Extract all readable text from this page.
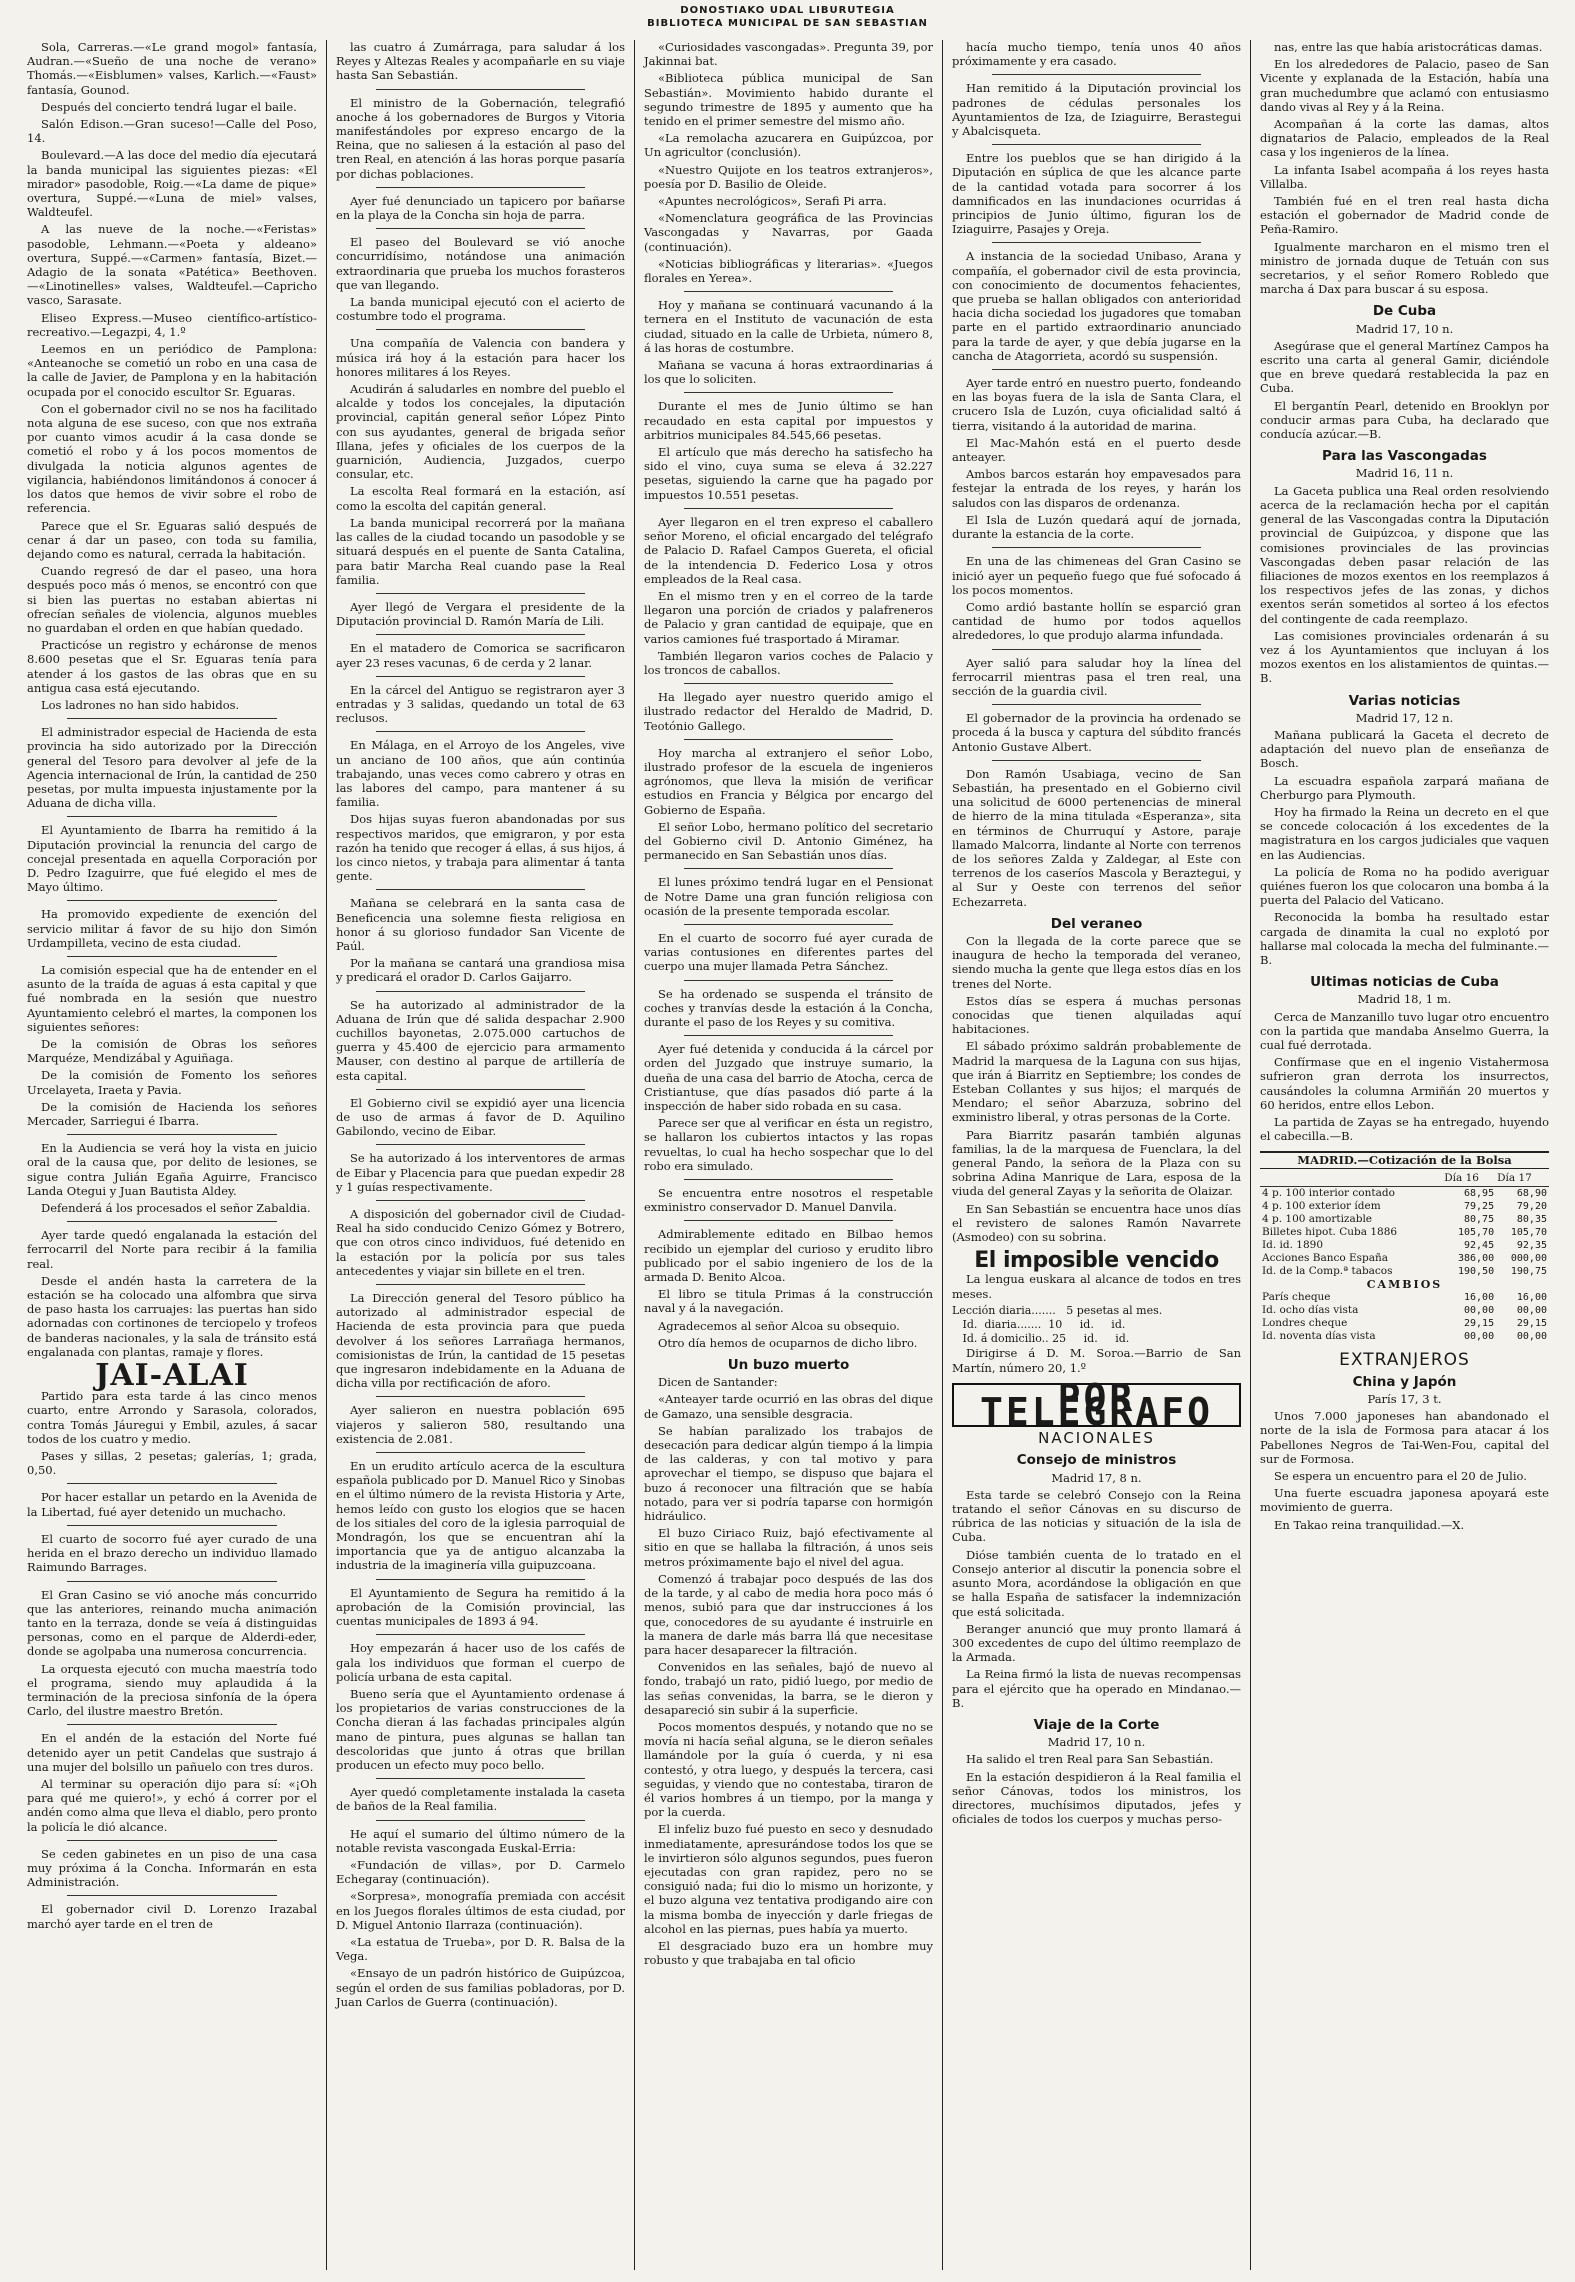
DONOSTIAKO UDAL LIBURUTEGIA
BIBLIOTECA MUNICIPAL DE SAN SEBASTIAN

Sola, Carreras.—«Le grand mogol» fantasía, Audran.—«Sueño de una noche de verano» Thomás.—«Eisblumen» valses, Karlich.—«Faust» fantasía, Gounod.

Después del concierto tendrá lugar el baile.

Salón Edison.—Gran suceso!—Calle del Poso, 14.

Boulevard.—A las doce del medio día ejecutará la banda municipal las siguientes piezas: «El mirador» pasodoble, Roig.—«La dame de pique» overtura, Suppé.—«Luna de miel» valses, Waldteufel.

A las nueve de la noche.—«Feristas» pasodoble, Lehmann.—«Poeta y aldeano» overtura, Suppé.—«Carmen» fantasía, Bizet.—Adagio de la sonata «Patética» Beethoven.—«Linotinelles» valses, Waldteufel.—Capricho vasco, Sarasate.

Eliseo Express.—Museo científico-artístico-recreativo.—Legazpi, 4, 1.º

Leemos en un periódico de Pamplona: «Anteanoche se cometió un robo en una casa de la calle de Javier, de Pamplona y en la habitación ocupada por el conocido escultor Sr. Eguaras.

Con el gobernador civil no se nos ha facilitado nota alguna de ese suceso, con que nos extraña por cuanto vimos acudir á la casa donde se cometió el robo y á los pocos momentos de divulgada la noticia algunos agentes de vigilancia, habiéndonos limitándonos á conocer á los datos que hemos de vivir sobre el robo de referencia.

Parece que el Sr. Eguaras salió después de cenar á dar un paseo, con toda su familia, dejando como es natural, cerrada la habitación.

Cuando regresó de dar el paseo, una hora después poco más ó menos, se encontró con que si bien las puertas no estaban abiertas ni ofrecían señales de violencia, algunos muebles no guardaban el orden en que habían quedado.

Practicóse un registro y echáronse de menos 8.600 pesetas que el Sr. Eguaras tenía para atender á los gastos de las obras que en su antigua casa está ejecutando.

Los ladrones no han sido habidos.

El administrador especial de Hacienda de esta provincia ha sido autorizado por la Dirección general del Tesoro para devolver al jefe de la Agencia internacional de Irún, la cantidad de 250 pesetas, por multa impuesta injustamente por la Aduana de dicha villa.

El Ayuntamiento de Ibarra ha remitido á la Diputación provincial la renuncia del cargo de concejal presentada en aquella Corporación por D. Pedro Izaguirre, que fué elegido el mes de Mayo último.

Ha promovido expediente de exención del servicio militar á favor de su hijo don Simón Urdampilleta, vecino de esta ciudad.

La comisión especial que ha de entender en el asunto de la traída de aguas á esta capital y que fué nombrada en la sesión que nuestro Ayuntamiento celebró el martes, la componen los siguientes señores:

De la comisión de Obras los señores Marquéze, Mendizábal y Aguiñaga.

De la comisión de Fomento los señores Urcelayeta, Iraeta y Pavia.

De la comisión de Hacienda los señores Mercader, Sarriegui é Ibarra.

En la Audiencia se verá hoy la vista en juicio oral de la causa que, por delito de lesiones, se sigue contra Julián Egaña Aguirre, Francisco Landa Otegui y Juan Bautista Aldey.

Defenderá á los procesados el señor Zabaldia.

Ayer tarde quedó engalanada la estación del ferrocarril del Norte para recibir á la familia real.

Desde el andén hasta la carretera de la estación se ha colocado una alfombra que sirva de paso hasta los carruajes: las puertas han sido adornadas con cortinones de terciopelo y trofeos de banderas nacionales, y la sala de tránsito está engalanada con plantas, ramaje y flores.

JAI-ALAI

Partido para esta tarde á las cinco menos cuarto, entre Arrondo y Sarasola, colorados, contra Tomás Jáuregui y Embil, azules, á sacar todos de los cuatro y medio.

Pases y sillas, 2 pesetas; galerías, 1; grada, 0,50.

Por hacer estallar un petardo en la Avenida de la Libertad, fué ayer detenido un muchacho.

El cuarto de socorro fué ayer curado de una herida en el brazo derecho un individuo llamado Raimundo Barrages.

El Gran Casino se vió anoche más concurrido que las anteriores, reinando mucha animación tanto en la terraza, donde se veía á distinguidas personas, como en el parque de Alderdi-eder, donde se agolpaba una numerosa concurrencia.

La orquesta ejecutó con mucha maestría todo el programa, siendo muy aplaudida á la terminación de la preciosa sinfonía de la ópera Carlo, del ilustre maestro Bretón.

En el andén de la estación del Norte fué detenido ayer un petit Candelas que sustrajo á una mujer del bolsillo un pañuelo con tres duros.

Al terminar su operación dijo para sí: «¡Oh para qué me quiero!», y echó á correr por el andén como alma que lleva el diablo, pero pronto la policía le dió alcance.

Se ceden gabinetes en un piso de una casa muy próxima á la Concha. Informarán en esta Administración.

El gobernador civil D. Lorenzo Irazabal marchó ayer tarde en el tren de

las cuatro á Zumárraga, para saludar á los Reyes y Altezas Reales y acompañarle en su viaje hasta San Sebastián.

El ministro de la Gobernación, telegrafió anoche á los gobernadores de Burgos y Vitoria manifestándoles por expreso encargo de la Reina, que no saliesen á la estación al paso del tren Real, en atención á las horas porque pasaría por dichas poblaciones.

Ayer fué denunciado un tapicero por bañarse en la playa de la Concha sin hoja de parra.

El paseo del Boulevard se vió anoche concurridísimo, notándose una animación extraordinaria que prueba los muchos forasteros que van llegando.

La banda municipal ejecutó con el acierto de costumbre todo el programa.

Una compañía de Valencia con bandera y música irá hoy á la estación para hacer los honores militares á los Reyes.

Acudirán á saludarles en nombre del pueblo el alcalde y todos los concejales, la diputación provincial, capitán general señor López Pinto con sus ayudantes, general de brigada señor Illana, jefes y oficiales de los cuerpos de la guarnición, Audiencia, Juzgados, cuerpo consular, etc.

La escolta Real formará en la estación, así como la escolta del capitán general.

La banda municipal recorrerá por la mañana las calles de la ciudad tocando un pasodoble y se situará después en el puente de Santa Catalina, para batir Marcha Real cuando pase la Real familia.

Ayer llegó de Vergara el presidente de la Diputación provincial D. Ramón María de Lili.

En el matadero de Comorica se sacrificaron ayer 23 reses vacunas, 6 de cerda y 2 lanar.

En la cárcel del Antiguo se registraron ayer 3 entradas y 3 salidas, quedando un total de 63 reclusos.

En Málaga, en el Arroyo de los Angeles, vive un anciano de 100 años, que aún continúa trabajando, unas veces como cabrero y otras en las labores del campo, para mantener á su familia.

Dos hijas suyas fueron abandonadas por sus respectivos maridos, que emigraron, y por esta razón ha tenido que recoger á ellas, á sus hijos, á los cinco nietos, y trabaja para alimentar á tanta gente.

Mañana se celebrará en la santa casa de Beneficencia una solemne fiesta religiosa en honor á su glorioso fundador San Vicente de Paúl.

Por la mañana se cantará una grandiosa misa y predicará el orador D. Carlos Gaijarro.

Se ha autorizado al administrador de la Aduana de Irún que dé salida despachar 2.900 cuchillos bayonetas, 2.075.000 cartuchos de guerra y 45.400 de ejercicio para armamento Mauser, con destino al parque de artillería de esta capital.

El Gobierno civil se expidió ayer una licencia de uso de armas á favor de D. Aquilino Gabilondo, vecino de Eibar.

Se ha autorizado á los interventores de armas de Eibar y Placencia para que puedan expedir 28 y 1 guías respectivamente.

A disposición del gobernador civil de Ciudad-Real ha sido conducido Cenizo Gómez y Botrero, que con otros cinco individuos, fué detenido en la estación por la policía por sus tales antecedentes y viajar sin billete en el tren.

La Dirección general del Tesoro público ha autorizado al administrador especial de Hacienda de esta provincia para que pueda devolver á los señores Larrañaga hermanos, comisionistas de Irún, la cantidad de 15 pesetas que ingresaron indebidamente en la Aduana de dicha villa por rectificación de aforo.

Ayer salieron en nuestra población 695 viajeros y salieron 580, resultando una existencia de 2.081.

En un erudito artículo acerca de la escultura española publicado por D. Manuel Rico y Sinobas en el último número de la revista Historia y Arte, hemos leído con gusto los elogios que se hacen de los sitiales del coro de la iglesia parroquial de Mondragón, los que se encuentran ahí la importancia que ya de antiguo alcanzaba la industria de la imaginería villa guipuzcoana.

El Ayuntamiento de Segura ha remitido á la aprobación de la Comisión provincial, las cuentas municipales de 1893 á 94.

Hoy empezarán á hacer uso de los cafés de gala los individuos que forman el cuerpo de policía urbana de esta capital.

Bueno sería que el Ayuntamiento ordenase á los propietarios de varias construcciones de la Concha dieran á las fachadas principales algún mano de pintura, pues algunas se hallan tan descoloridas que junto á otras que brillan producen un efecto muy poco bello.

Ayer quedó completamente instalada la caseta de baños de la Real familia.

He aquí el sumario del último número de la notable revista vascongada Euskal-Erria:

«Fundación de villas», por D. Carmelo Echegaray (continuación).

«Sorpresa», monografía premiada con accésit en los Juegos florales últimos de esta ciudad, por D. Miguel Antonio Ilarraza (continuación).

«La estatua de Trueba», por D. R. Balsa de la Vega.

«Ensayo de un padrón histórico de Guipúzcoa, según el orden de sus familias pobladoras, por D. Juan Carlos de Guerra (continuación).

«Curiosidades vascongadas». Pregunta 39, por Jakinnai bat.

«Biblioteca pública municipal de San Sebastián». Movimiento habido durante el segundo trimestre de 1895 y aumento que ha tenido en el primer semestre del mismo año.

«La remolacha azucarera en Guipúzcoa, por Un agricultor (conclusión).

«Nuestro Quijote en los teatros extranjeros», poesía por D. Basilio de Oleide.

«Apuntes necrológicos», Serafi Pi arra.

«Nomenclatura geográfica de las Provincias Vascongadas y Navarras, por Gaada (continuación).

«Noticias bibliográficas y literarias». «Juegos florales en Yerea».

Hoy y mañana se continuará vacunando á la ternera en el Instituto de vacunación de esta ciudad, situado en la calle de Urbieta, número 8, á las horas de costumbre.

Mañana se vacuna á horas extraordinarias á los que lo soliciten.

Durante el mes de Junio último se han recaudado en esta capital por impuestos y arbitrios municipales 84.545,66 pesetas.

El artículo que más derecho ha satisfecho ha sido el vino, cuya suma se eleva á 32.227 pesetas, siguiendo la carne que ha pagado por impuestos 10.551 pesetas.

Ayer llegaron en el tren expreso el caballero señor Moreno, el oficial encargado del telégrafo de Palacio D. Rafael Campos Guereta, el oficial de la intendencia D. Federico Losa y otros empleados de la Real casa.

En el mismo tren y en el correo de la tarde llegaron una porción de criados y palafreneros de Palacio y gran cantidad de equipaje, que en varios camiones fué trasportado á Miramar.

También llegaron varios coches de Palacio y los troncos de caballos.

Ha llegado ayer nuestro querido amigo el ilustrado redactor del Heraldo de Madrid, D. Teotónio Gallego.

Hoy marcha al extranjero el señor Lobo, ilustrado profesor de la escuela de ingenieros agrónomos, que lleva la misión de verificar estudios en Francia y Bélgica por encargo del Gobierno de España.

El señor Lobo, hermano político del secretario del Gobierno civil D. Antonio Giménez, ha permanecido en San Sebastián unos días.

El lunes próximo tendrá lugar en el Pensionat de Notre Dame una gran función religiosa con ocasión de la presente temporada escolar.

En el cuarto de socorro fué ayer curada de varias contusiones en diferentes partes del cuerpo una mujer llamada Petra Sánchez.

Se ha ordenado se suspenda el tránsito de coches y tranvías desde la estación á la Concha, durante el paso de los Reyes y su comitiva.

Ayer fué detenida y conducida á la cárcel por orden del Juzgado que instruye sumario, la dueña de una casa del barrio de Atocha, cerca de Cristiantuse, que días pasados dió parte á la inspección de haber sido robada en su casa.

Parece ser que al verificar en ésta un registro, se hallaron los cubiertos intactos y las ropas revueltas, lo cual ha hecho sospechar que lo del robo era simulado.

Se encuentra entre nosotros el respetable exministro conservador D. Manuel Danvila.

Admirablemente editado en Bilbao hemos recibido un ejemplar del curioso y erudito libro publicado por el sabio ingeniero de los de la armada D. Benito Alcoa.

El libro se titula Primas á la construcción naval y á la navegación.

Agradecemos al señor Alcoa su obsequio.

Otro día hemos de ocuparnos de dicho libro.

Un buzo muerto

Dicen de Santander:

«Anteayer tarde ocurrió en las obras del dique de Gamazo, una sensible desgracia.

Se habían paralizado los trabajos de desecación para dedicar algún tiempo á la limpia de las calderas, y con tal motivo y para aprovechar el tiempo, se dispuso que bajara el buzo á reconocer una filtración que se había notado, para ver si podría taparse con hormigón hidráulico.

El buzo Ciriaco Ruiz, bajó efectivamente al sitio en que se hallaba la filtración, á unos seis metros próximamente bajo el nivel del agua.

Comenzó á trabajar poco después de las dos de la tarde, y al cabo de media hora poco más ó menos, subió para que dar instrucciones á los que, conocedores de su ayudante é instruirle en la manera de darle más barra llá que necesitase para hacer desaparecer la filtración.

Convenidos en las señales, bajó de nuevo al fondo, trabajó un rato, pidió luego, por medio de las señas convenidas, la barra, se le dieron y desapareció sin subir á la superficie.

Pocos momentos después, y notando que no se movía ni hacía señal alguna, se le dieron señales llamándole por la guía ó cuerda, y ni esa contestó, y otra luego, y después la tercera, casi seguidas, y viendo que no contestaba, tiraron de él varios hombres á un tiempo, por la manga y por la cuerda.

El infeliz buzo fué puesto en seco y desnudado inmediatamente, apresurándose todos los que se le invirtieron sólo algunos segundos, pues fueron ejecutadas con gran rapidez, pero no se consiguió nada; fui dio lo mismo un horizonte, y el buzo alguna vez tentativa prodigando aire con la misma bomba de inyección y darle friegas de alcohol en las piernas, pues había ya muerto.

El desgraciado buzo era un hombre muy robusto y que trabajaba en tal oficio

hacía mucho tiempo, tenía unos 40 años próximamente y era casado.

Han remitido á la Diputación provincial los padrones de cédulas personales los Ayuntamientos de Iza, de Iziaguirre, Berastegui y Abalcisqueta.

Entre los pueblos que se han dirigido á la Diputación en súplica de que les alcance parte de la cantidad votada para socorrer á los damnificados en las inundaciones ocurridas á principios de Junio último, figuran los de Iziaguirre, Pasajes y Oreja.

A instancia de la sociedad Unibaso, Arana y compañía, el gobernador civil de esta provincia, con conocimiento de documentos fehacientes, que prueba se hallan obligados con anterioridad hacia dicha sociedad los jugadores que tomaban parte en el partido extraordinario anunciado para la tarde de ayer, y que debía jugarse en la cancha de Atagorrieta, acordó su suspensión.

Ayer tarde entró en nuestro puerto, fondeando en las boyas fuera de la isla de Santa Clara, el crucero Isla de Luzón, cuya oficialidad saltó á tierra, visitando á la autoridad de marina.

El Mac-Mahón está en el puerto desde anteayer.

Ambos barcos estarán hoy empavesados para festejar la entrada de los reyes, y harán los saludos con las disparos de ordenanza.

El Isla de Luzón quedará aquí de jornada, durante la estancia de la corte.

En una de las chimeneas del Gran Casino se inició ayer un pequeño fuego que fué sofocado á los pocos momentos.

Como ardió bastante hollín se esparció gran cantidad de humo por todos aquellos alrededores, lo que produjo alarma infundada.

Ayer salió para saludar hoy la línea del ferrocarril mientras pasa el tren real, una sección de la guardia civil.

El gobernador de la provincia ha ordenado se proceda á la busca y captura del súbdito francés Antonio Gustave Albert.

Don Ramón Usabiaga, vecino de San Sebastián, ha presentado en el Gobierno civil una solicitud de 6000 pertenencias de mineral de hierro de la mina titulada «Esperanza», sita en términos de Churruquí y Astore, paraje llamado Malcorra, lindante al Norte con terrenos de los señores Zalda y Zaldegar, al Este con terrenos de los caseríos Mascola y Beraztegui, y al Sur y Oeste con terrenos del señor Echezarreta.

Del veraneo

Con la llegada de la corte parece que se inaugura de hecho la temporada del veraneo, siendo mucha la gente que llega estos días en los trenes del Norte.

Estos días se espera á muchas personas conocidas que tienen alquiladas aquí habitaciones.

El sábado próximo saldrán probablemente de Madrid la marquesa de la Laguna con sus hijas, que irán á Biarritz en Septiembre; los condes de Esteban Collantes y sus hijos; el marqués de Mendaro; el señor Abarzuza, sobrino del exministro liberal, y otras personas de la Corte.

Para Biarritz pasarán también algunas familias, la de la marquesa de Fuenclara, la del general Pando, la señora de la Plaza con su sobrina Adina Manrique de Lara, esposa de la viuda del general Zayas y la señorita de Olaizar.

En San Sebastián se encuentra hace unos días el revistero de salones Ramón Navarrete (Asmodeo) con su sobrina.

El imposible vencido

La lengua euskara al alcance de todos en tres meses.

Lección diaria.......   5 pesetas al mes.
Id.  diaria.......  10     id.     id.
Id. á domicilio.. 25     id.     id.

Dirigirse á D. M. Soroa.—Barrio de San Martín, número 20, 1.º

POR TELEGRAFO
NACIONALES
Consejo de ministros
Madrid 17, 8 n.

Esta tarde se celebró Consejo con la Reina tratando el señor Cánovas en su discurso de rúbrica de las noticias y situación de la isla de Cuba.

Dióse también cuenta de lo tratado en el Consejo anterior al discutir la ponencia sobre el asunto Mora, acordándose la obligación en que se halla España de satisfacer la indemnización que está solicitada.

Beranger anunció que muy pronto llamará á 300 excedentes de cupo del último reemplazo de la Armada.

La Reina firmó la lista de nuevas recompensas para el ejército que ha operado en Mindanao.—B.

Viaje de la Corte
Madrid 17, 10 n.

Ha salido el tren Real para San Sebastián.

En la estación despidieron á la Real familia el señor Cánovas, todos los ministros, los directores, muchísimos diputados, jefes y oficiales de todos los cuerpos y muchas perso-

nas, entre las que había aristocráticas damas.

En los alrededores de Palacio, paseo de San Vicente y explanada de la Estación, había una gran muchedumbre que aclamó con entusiasmo dando vivas al Rey y á la Reina.

Acompañan á la corte las damas, altos dignatarios de Palacio, empleados de la Real casa y los ingenieros de la línea.

La infanta Isabel acompaña á los reyes hasta Villalba.

También fué en el tren real hasta dicha estación el gobernador de Madrid conde de Peña-Ramiro.

Igualmente marcharon en el mismo tren el ministro de jornada duque de Tetuán con sus secretarios, y el señor Romero Robledo que marcha á Dax para buscar á su esposa.

De Cuba
Madrid 17, 10 n.

Asegúrase que el general Martínez Campos ha escrito una carta al general Gamir, diciéndole que en breve quedará restablecida la paz en Cuba.

El bergantín Pearl, detenido en Brooklyn por conducir armas para Cuba, ha declarado que conducía azúcar.—B.

Para las Vascongadas
Madrid 16, 11 n.

La Gaceta publica una Real orden resolviendo acerca de la reclamación hecha por el capitán general de las Vascongadas contra la Diputación provincial de Guipúzcoa, y dispone que las comisiones provinciales de las provincias Vascongadas deben pasar relación de las filiaciones de mozos exentos en los reemplazos á los respectivos jefes de las zonas, y dichos exentos serán sometidos al sorteo á los efectos del contingente de cada reemplazo.

Las comisiones provinciales ordenarán á su vez á los Ayuntamientos que incluyan á los mozos exentos en los alistamientos de quintas.—B.

Varias noticias
Madrid 17, 12 n.

Mañana publicará la Gaceta el decreto de adaptación del nuevo plan de enseñanza de Bosch.

La escuadra española zarpará mañana de Cherburgo para Plymouth.

Hoy ha firmado la Reina un decreto en el que se concede colocación á los excedentes de la magistratura en los cargos judiciales que vaquen en las Audiencias.

La policía de Roma no ha podido averiguar quiénes fueron los que colocaron una bomba á la puerta del Palacio del Vaticano.

Reconocida la bomba ha resultado estar cargada de dinamita la cual no explotó por hallarse mal colocada la mecha del fulminante.—B.

Ultimas noticias de Cuba
Madrid 18, 1 m.

Cerca de Manzanillo tuvo lugar otro encuentro con la partida que mandaba Anselmo Guerra, la cual fué derrotada.

Confírmase que en el ingenio Vistahermosa sufrieron gran derrota los insurrectos, causándoles la columna Armiñán 20 muertos y 60 heridos, entre ellos Lebon.

La partida de Zayas se ha entregado, huyendo el cabecilla.—B.

MADRID.—Cotización de la Bolsa
	Día 16	Día 17
4 p. 100 interior contado	68,95	68,90
4 p. 100 exterior ídem	79,25	79,20
4 p. 100 amortizable	80,75	80,35
Billetes hipot. Cuba 1886	105,70	105,70
Id. id. 1890	92,45	92,35
Acciones Banco España	386,00	000,00
Id. de la Comp.ª tabacos	190,50	190,75
CAMBIOS		
París cheque	16,00	16,00
Id. ocho días vista	00,00	00,00
Londres cheque	29,15	29,15
Id. noventa días vista	00,00	00,00
EXTRANJEROS
China y Japón
París 17, 3 t.

Unos 7.000 japoneses han abandonado el norte de la isla de Formosa para atacar á los Pabellones Negros de Tai-Wen-Fou, capital del sur de Formosa.

Se espera un encuentro para el 20 de Julio.

Una fuerte escuadra japonesa apoyará este movimiento de guerra.

En Takao reina tranquilidad.—X.
